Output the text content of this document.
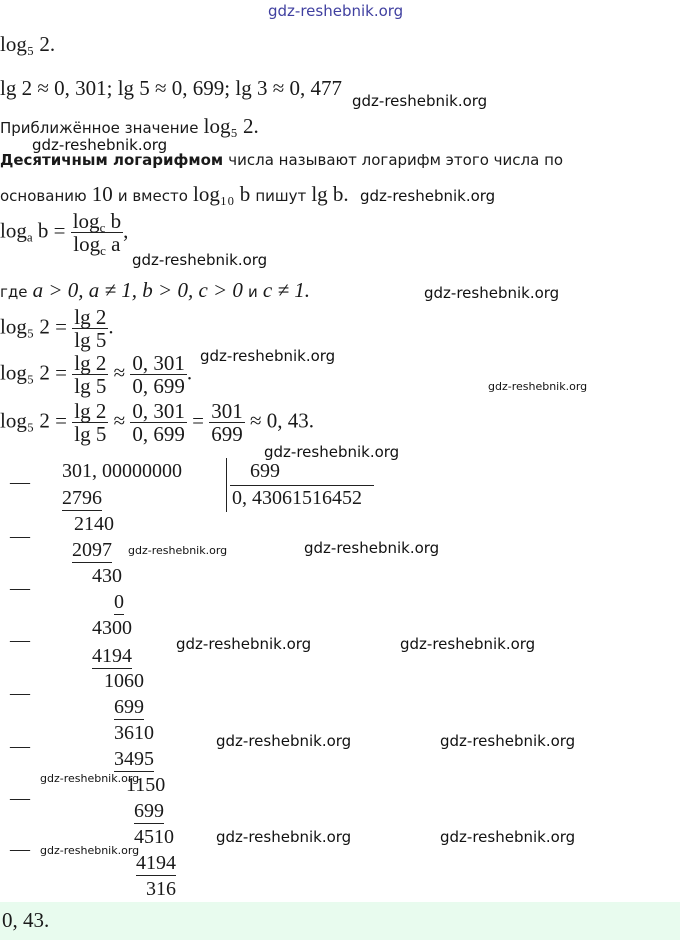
gdz-reshebnik.org
log₅ 2.
lg 2 ≈ 0, 301; lg 5 ≈ 0, 699; lg 3 ≈ 0, 477
gdz-reshebnik.org
Приближённое значение log₅ 2.
gdz-reshebnik.org
Десятичным логарифмом числа называют логарифм этого числа по
основанию 10 и вместо log₁₀ b пишут lg b. gdz-reshebnik.org
$\log_a b = \frac{\log_c b}{\log_c a}$ ,
gdz-reshebnik.org
где a > 0, a ≠ 1, b > 0, c > 0 и c ≠ 1.	gdz-reshebnik.org
log₅ $2 = \frac{\lg 2}{\lg 5}$ .
log₅ $2 = \frac{\lg 2}{\lg 5} \approx \frac{0, 301}{0, 699}$ .
gdz-reshebnik.org
gdz-reshebnik.org
log₅ $2 = \frac{\lg 2}{\lg 5} \approx \frac{0, 301}{0, 699} = \frac{301}{699} \approx 0$, 43.
gdz-reshebnik.org
301, 00000000	699
0, 43061516452
—
2796
2140
—
2097
430
—
0
4300
—
4194
1060
—
699
3610
—
3495
1150
—
699
4510
—
4194
316
gdz-reshebnik.org	gdz-reshebnik.org
gdz-reshebnik.org	gdz-reshebnik.org
gdz-reshebnik.org	gdz-reshebnik.org
gdz-reshebnik.org
gdz-reshebnik.org	gdz-reshebnik.org
gdz-reshebnik.org
0, 43.
